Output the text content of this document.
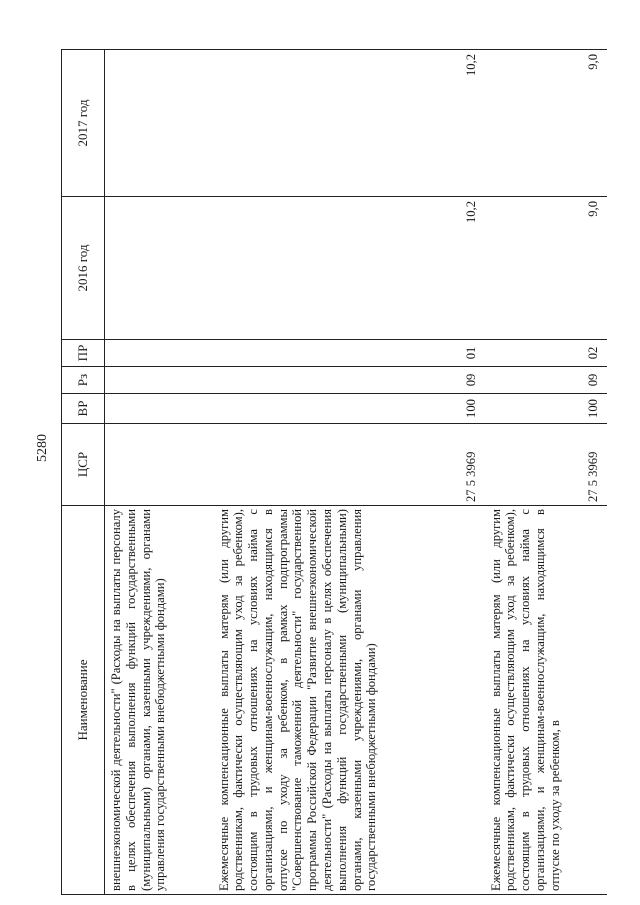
5280
Наименование	ЦСР	ВР	Рз	ПР	2016 год	2017 год
внешнеэкономической деятельности" (Расходы на выплаты персоналу в целях обеспечения выполнения функций государственными (муниципальными) органами, казенными учреждениями, органами управления государственными внебюджетными фондами)						
Ежемесячные компенсационные выплаты матерям (или другим родственникам, фактически осуществляющим уход за ребенком), состоящим в трудовых отношениях на условиях найма с организациями, и женщинам-военнослужащим, находящимся в отпуске по уходу за ребенком, в рамках подпрограммы "Совершенствование таможенной деятельности" государственной программы Российской Федерации "Развитие внешнеэкономической деятельности" (Расходы на выплаты персоналу в целях обеспечения выполнения функций государственными (муниципальными) органами, казенными учреждениями, органами управления государственными внебюджетными фондами)	27 5 3969	100	09	01	10,2	10,2
Ежемесячные компенсационные выплаты матерям (или другим родственникам, фактически осуществляющим уход за ребенком), состоящим в трудовых отношениях на условиях найма с организациями, и женщинам-военнослужащим, находящимся в отпуске по уходу за ребенком, в	27 5 3969	100	09	02	9,0	9,0
